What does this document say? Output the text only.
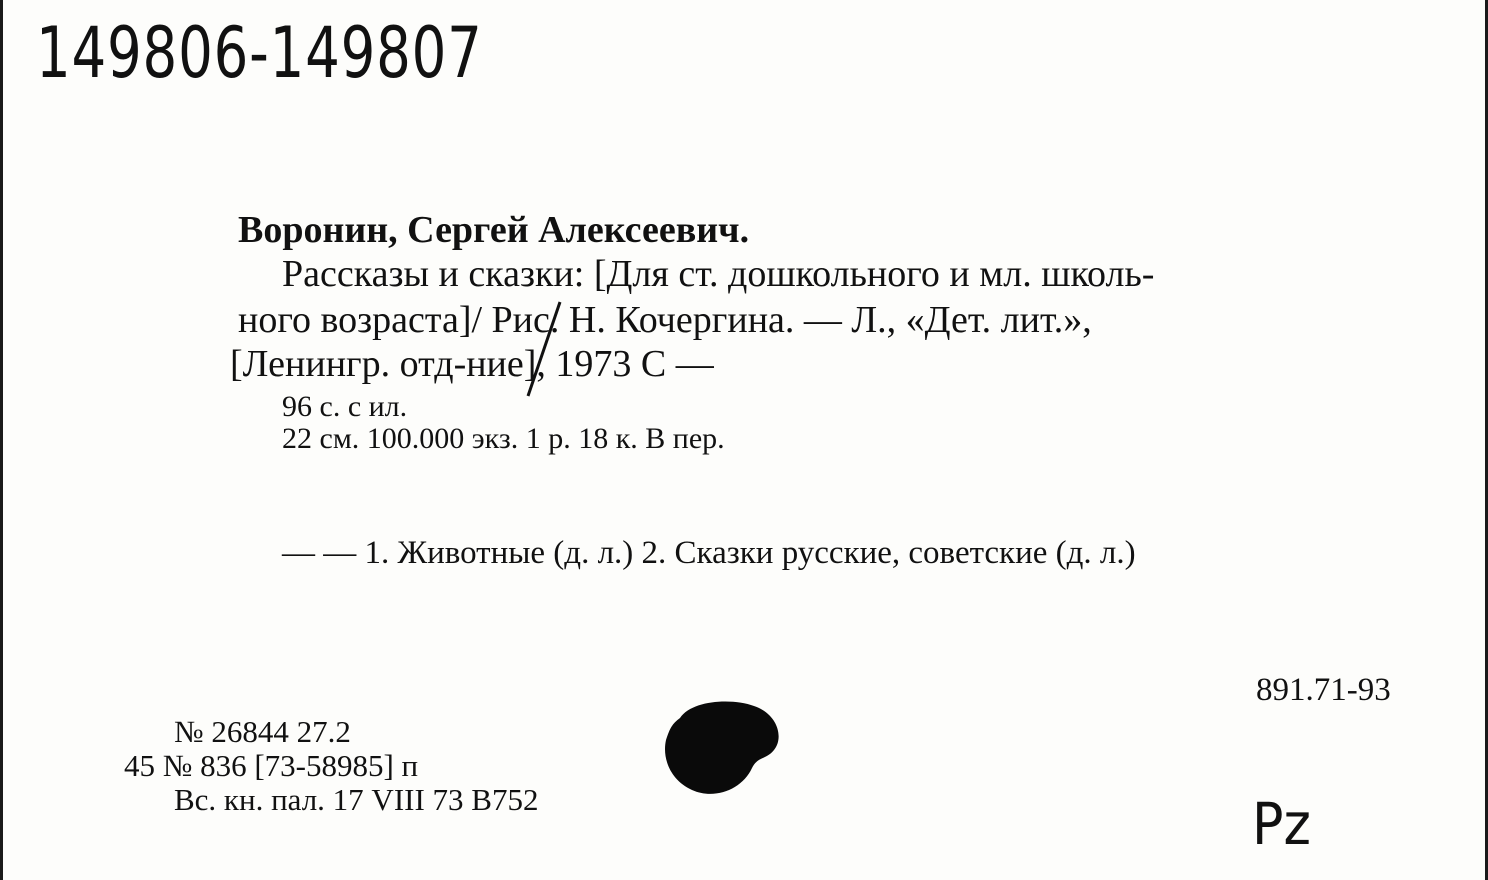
149806-149807
Воронин, Сергей Алексеевич.
Рассказы и сказки: [Для ст. дошкольного и мл. школь-
ного возраста]/ Рис. Н. Кочергина. — Л., «Дет. лит.»,
[Ленингр. отд-ние], 1973 С —
96 с. с ил.
22 см. 100.000 экз. 1 р. 18 к. В пер.
— — 1. Животные (д. л.) 2. Сказки русские, советские (д. л.)
891.71-93
№ 26844 27.2
45 № 836 [73-58985] п
Вс. кн. пал. 17 VIII 73 В752	Pz
